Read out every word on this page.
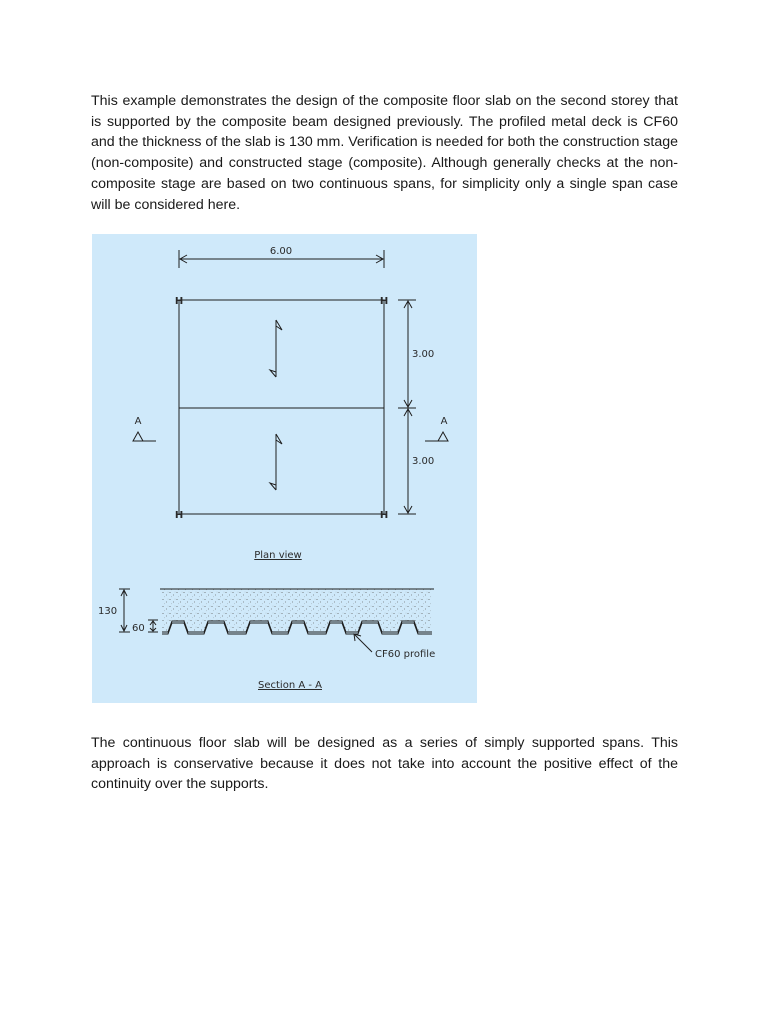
This example demonstrates the design of the composite floor slab on the second storey that is supported by the composite beam designed previously. The profiled metal deck is CF60 and the thickness of the slab is 130 mm. Verification is needed for both the construction stage (non-composite) and constructed stage (composite). Although generally checks at the non-composite stage are based on two continuous spans, for simplicity only a single span case will be considered here.

6.00
H	H
H	H
3.00
3.00
A	A
Plan view
130
60
CF60 profile
Section A - A

The continuous floor slab will be designed as a series of simply supported spans. This approach is conservative because it does not take into account the positive effect of the continuity over the supports.
